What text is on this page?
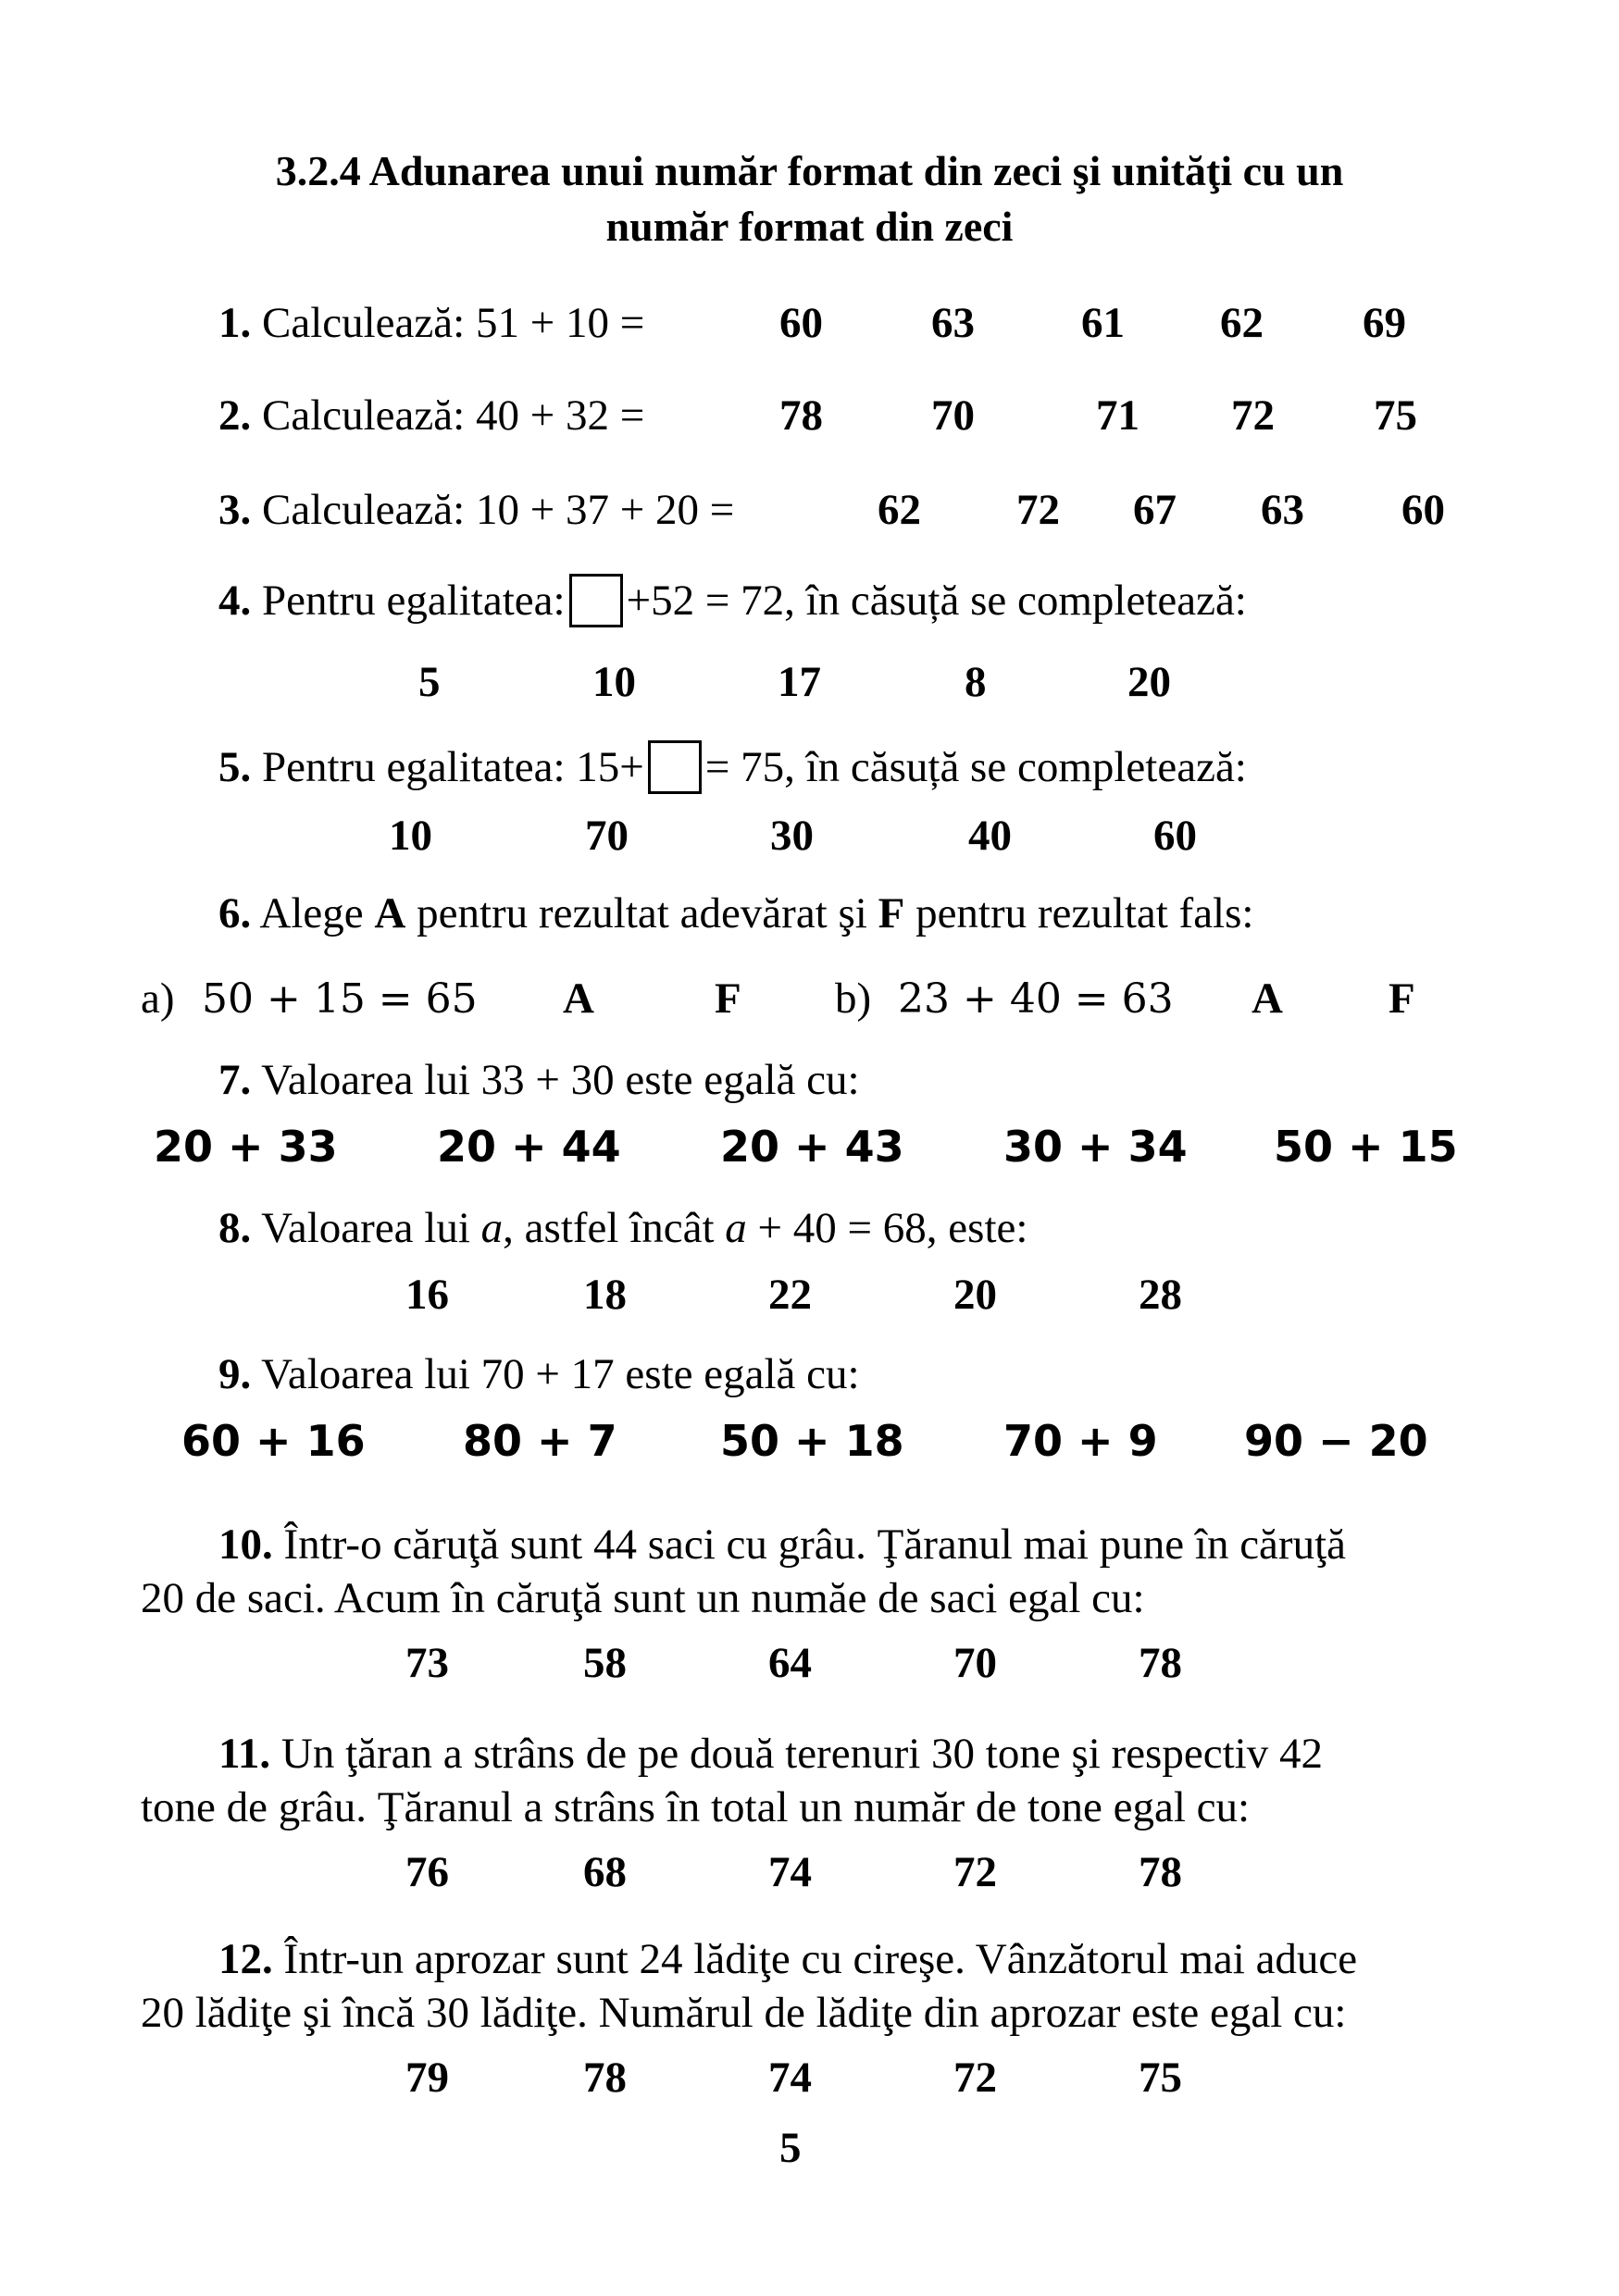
3.2.4 Adunarea unui număr format din zeci şi unităţi cu un
număr format din zeci
1. Calculează: 51 + 10 =	60 63 61 62 69
2. Calculează: 40 + 32 =	78 70	71 72 75
3. Calculează: 10 + 37 + 20 =	62 72 67 63 60
4. Pentru egalitatea: +52 = 72, în căsuță se completează:
5	10	17	8	20
5. Pentru egalitatea: 15+ = 75, în căsuță se completează:
10	70	30	40	60
6. Alege A pentru rezultat adevărat şi F pentru rezultat fals:
a) 50 + 15 = 65 A	F b) 23 + 40 = 63 A F
7. Valoarea lui 33 + 30 este egală cu:
20 + 33 20 + 44 20 + 43 30 + 34 50 + 15
8. Valoarea lui a, astfel încât a + 40 = 68, este:
16	18	22	20	28
9. Valoarea lui 70 + 17 este egală cu:
60 + 16 80 + 7 50 + 18 70 + 9 90 − 20
10. Într-o căruţă sunt 44 saci cu grâu. Ţăranul mai pune în căruţă
20 de saci. Acum în căruţă sunt un număe de saci egal cu:
73	58	64	70	78
11. Un ţăran a strâns de pe două terenuri 30 tone şi respectiv 42
tone de grâu. Ţăranul a strâns în total un număr de tone egal cu:
76	68	74	72	78
12. Într-un aprozar sunt 24 lădiţe cu cireşe. Vânzătorul mai aduce
20 lădiţe şi încă 30 lădiţe. Numărul de lădiţe din aprozar este egal cu:
79	78	74	72	75
5
